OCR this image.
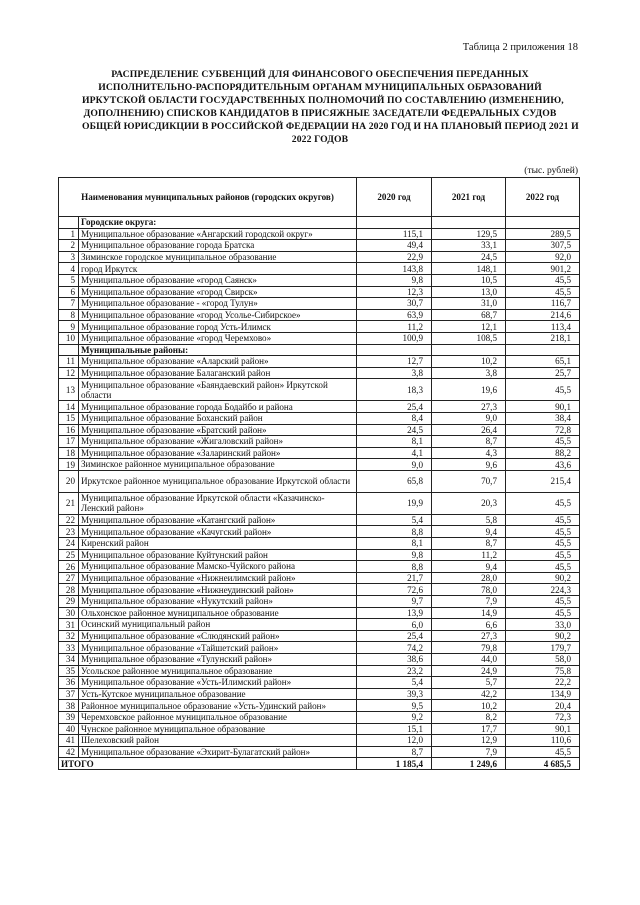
Таблица 2 приложения 18
РАСПРЕДЕЛЕНИЕ СУБВЕНЦИЙ ДЛЯ ФИНАНСОВОГО ОБЕСПЕЧЕНИЯ ПЕРЕДАННЫХ
ИСПОЛНИТЕЛЬНО-РАСПОРЯДИТЕЛЬНЫМ ОРГАНАМ МУНИЦИПАЛЬНЫХ ОБРАЗОВАНИЙ
ИРКУТСКОЙ ОБЛАСТИ ГОСУДАРСТВЕННЫХ ПОЛНОМОЧИЙ ПО СОСТАВЛЕНИЮ (ИЗМЕНЕНИЮ,
ДОПОЛНЕНИЮ) СПИСКОВ КАНДИДАТОВ В ПРИСЯЖНЫЕ ЗАСЕДАТЕЛИ ФЕДЕРАЛЬНЫХ СУДОВ
ОБЩЕЙ ЮРИСДИКЦИИ В РОССИЙСКОЙ ФЕДЕРАЦИИ НА 2020 ГОД И НА ПЛАНОВЫЙ ПЕРИОД 2021 И
2022 ГОДОВ
(тыс. рублей)
Наименования муниципальных районов (городских округов)		2020 год	2021 год	2022 год
	Городские округа:			
1	Муниципальное образование «Ангарский городской округ»	115,1	129,5	289,5
2	Муниципальное образование города Братска	49,4	33,1	307,5
3	Зиминское городское муниципальное образование	22,9	24,5	92,0
4	город Иркутск	143,8	148,1	901,2
5	Муниципальное образование «город Саянск»	9,8	10,5	45,5
6	Муниципальное образование «город Свирск»	12,3	13,0	45,5
7	Муниципальное образование - «город Тулун»	30,7	31,0	116,7
8	Муниципальное образование «город Усолье-Сибирское»	63,9	68,7	214,6
9	Муниципальное образование город Усть-Илимск	11,2	12,1	113,4
10	Муниципальное образование «город Черемхово»	100,9	108,5	218,1
	Муниципальные районы:			
11	Муниципальное образование «Аларский район»	12,7	10,2	65,1
12	Муниципальное образование Балаганский район	3,8	3,8	25,7
13	Муниципальное образование «Баяндаевский район» Иркутской области	18,3	19,6	45,5
14	Муниципальное образование города Бодайбо и района	25,4	27,3	90,1
15	Муниципальное образование Боханский район	8,4	9,0	38,4
16	Муниципальное образование «Братский район»	24,5	26,4	72,8
17	Муниципальное образование «Жигаловский район»	8,1	8,7	45,5
18	Муниципальное образование «Заларинский район»	4,1	4,3	88,2
19	Зиминское районное муниципальное образование	9,0	9,6	43,6
20	Иркутское районное муниципальное образование Иркутской области	65,8	70,7	215,4
21	Муниципальное образование Иркутской области «Казачинско-Ленский район»	19,9	20,3	45,5
22	Муниципальное образование «Катангский район»	5,4	5,8	45,5
23	Муниципальное образование «Качугский район»	8,8	9,4	45,5
24	Киренский район	8,1	8,7	45,5
25	Муниципальное образование Куйтунский район	9,8	11,2	45,5
26	Муниципальное образование Мамско-Чуйского района	8,8	9,4	45,5
27	Муниципальное образование «Нижнеилимский район»	21,7	28,0	90,2
28	Муниципальное образование «Нижнеудинский район»	72,6	78,0	224,3
29	Муниципальное образование «Нукутский район»	9,7	7,9	45,5
30	Ольхонское районное муниципальное образование	13,9	14,9	45,5
31	Осинский муниципальный район	6,0	6,6	33,0
32	Муниципальное образование «Слюдянский район»	25,4	27,3	90,2
33	Муниципальное образование «Тайшетский район»	74,2	79,8	179,7
34	Муниципальное образование «Тулунский район»	38,6	44,0	58,0
35	Усольское районное муниципальное образование	23,2	24,9	75,8
36	Муниципальное образование «Усть-Илимский район»	5,4	5,7	22,2
37	Усть-Кутское муниципальное образование	39,3	42,2	134,9
38	Районное муниципальное образование «Усть-Удинский район»	9,5	10,2	20,4
39	Черемховское районное муниципальное образование	9,2	8,2	72,3
40	Чунское районное муниципальное образование	15,1	17,7	90,1
41	Шелеховский район	12,0	12,9	110,6
42	Муниципальное образование «Эхирит-Булагатский район»	8,7	7,9	45,5
ИТОГО		1 185,4	1 249,6	4 685,5
